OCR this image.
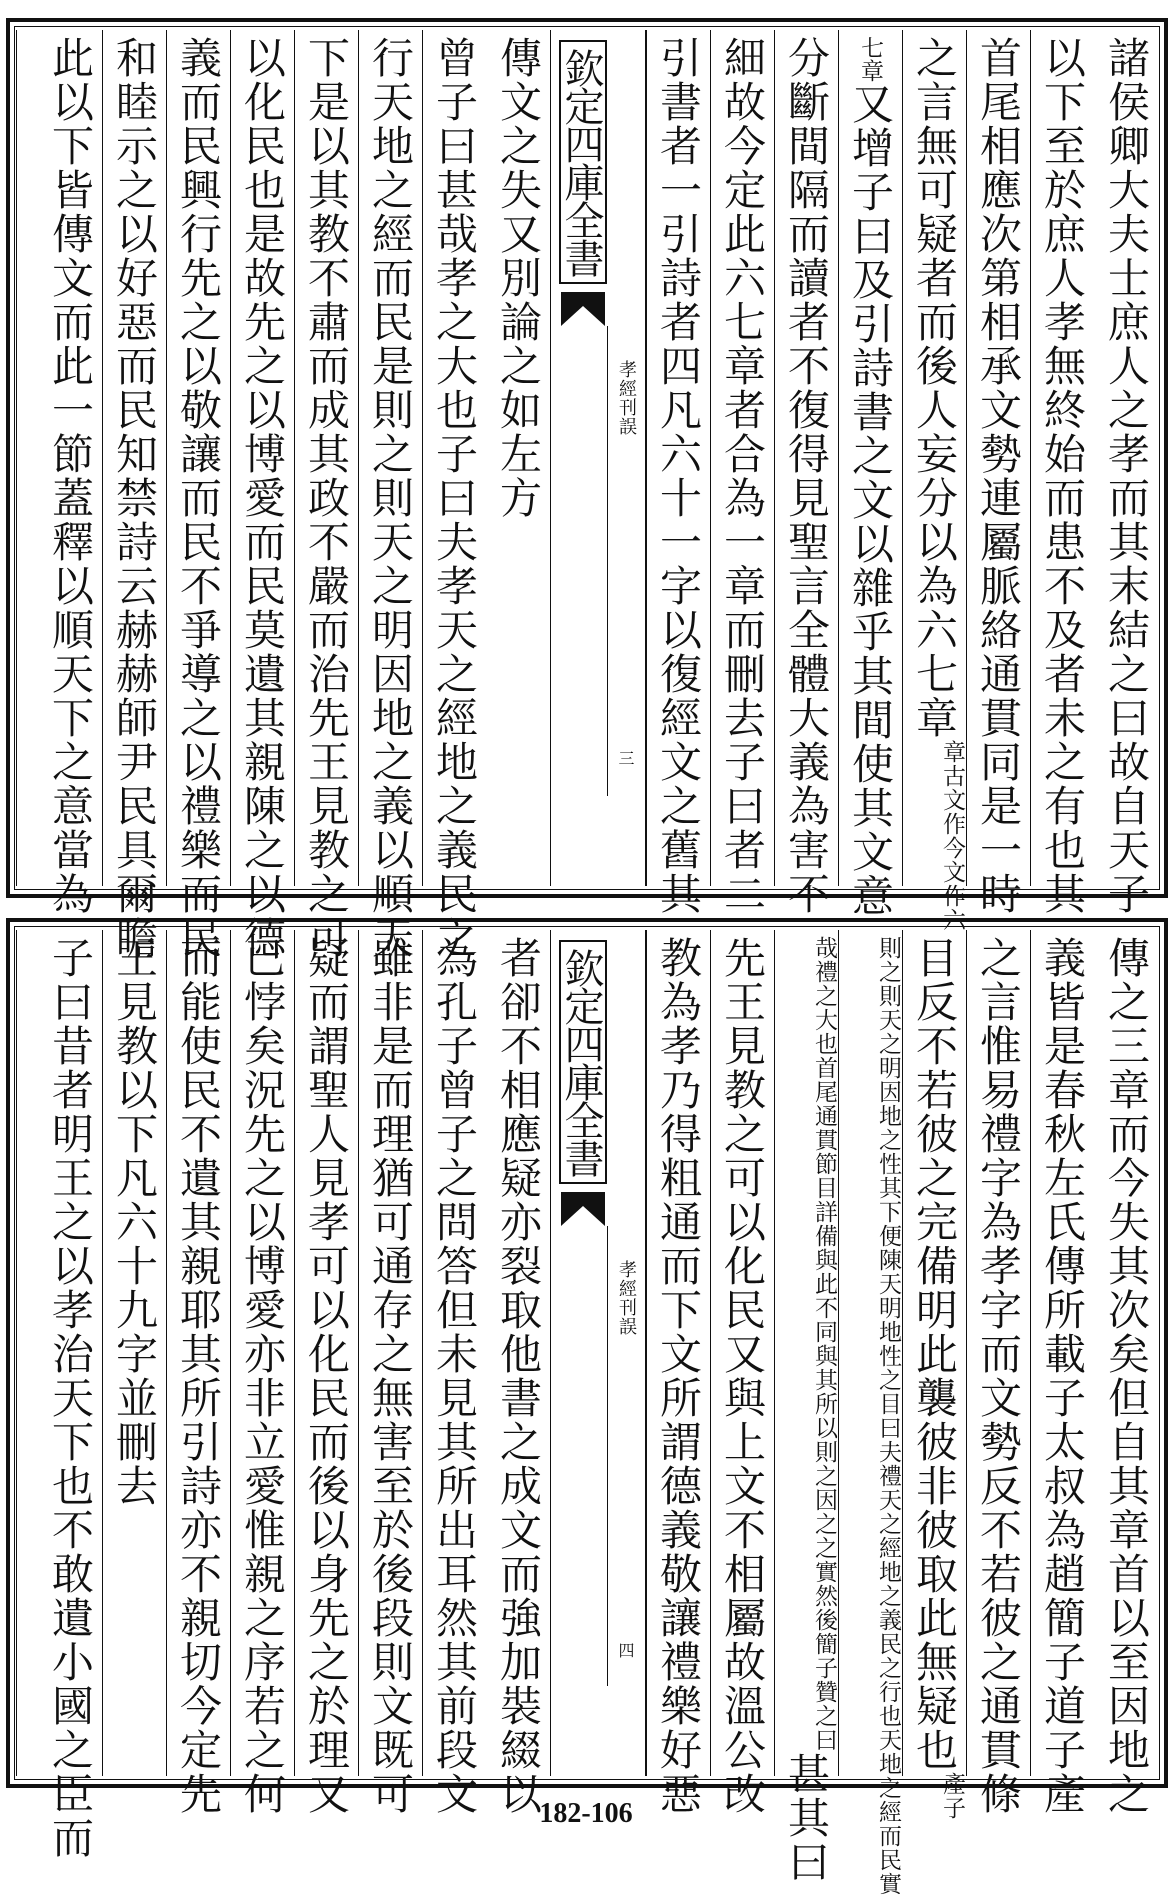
諸侯卿大夫士庶人之孝而其末結之曰故自天子
以下至於庶人孝無終始而患不及者未之有也其
首尾相應次第相承文勢連屬脈絡通貫同是一時
之言無可疑者而後人妄分以為六七章
今文作六
章古文作
七章又增子曰及引詩書之文以雜乎其間使其文意
分斷間隔而讀者不復得見聖言全體大義為害不
細故今定此六七章者合為一章而刪去子曰者二
引書者一引詩者四凡六十一字以復經文之舊其
欽定四庫全書
孝經刊誤
三
傳文之失又別論之如左方
曾子曰甚哉孝之大也子曰夫孝天之經地之義民之
行天地之經而民是則之則天之明因地之義以順天
下是以其教不肅而成其政不嚴而治先王見教之可
以化民也是故先之以博愛而民莫遺其親陳之以德
義而民興行先之以敬讓而民不爭導之以禮樂而民
和睦示之以好惡而民知禁詩云赫赫師尹民具爾瞻
此以下皆傳文而此一節蓋釋以順天下之意當為
傳之三章而今失其次矣但自其章首以至因地之
義皆是春秋左氏傳所載子太叔為趙簡子道子產
之言惟易禮字為孝字而文勢反不若彼之通貫條
目反不若彼之完備明此襲彼非彼取此無疑也
子
產
曰夫禮天之經地之義民之行也天地之經而民實
則之則天之明因地之性其下便陳天明地性之目
與其所以則之因之之實然後簡子贊之曰
哉禮之大也首尾通貫節目詳備與此不同
甚其曰
先王見教之可以化民又與上文不相屬故溫公改
教為孝乃得粗通而下文所謂德義敬讓禮樂好惡
欽定四庫全書
孝經刊誤
四
者卻不相應疑亦裂取他書之成文而強加裝綴以
為孔子曾子之問答但未見其所出耳然其前段文
雖非是而理猶可通存之無害至於後段則文既可
疑而謂聖人見孝可以化民而後以身先之於理又
已悖矣況先之以博愛亦非立愛惟親之序若之何
而能使民不遺其親耶其所引詩亦不親切今定先
王見教以下凡六十九字並刪去
子曰昔者明王之以孝治天下也不敢遺小國之臣而	182-106
